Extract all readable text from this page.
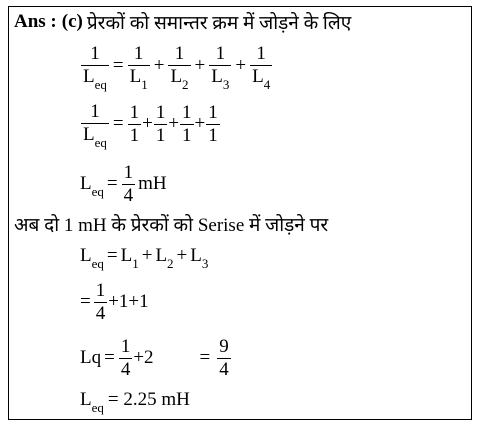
Ans : (c) प्रेरकों को समान्तर क्रम में जोड़ने के लिए
$\frac{1}{L_{eq}} = \frac{1}{L_1} + \frac{1}{L_2} + \frac{1}{L_3} + \frac{1}{L_4}$
$\frac{1}{L_{eq}} = \frac{1}{1} + \frac{1}{1} + \frac{1}{1} + \frac{1}{1}$
$L_{eq} = \frac{1}{4}$ mH
अब दो 1 mH के प्रेरकों को Serise में जोड़ने पर
$L_{eq} = L_1 + L_2 + L_3$
= $\frac{1}{4} +1+1$
$Lq = \frac{1}{4} +2 = \frac{9}{4}$
$L_{eq} = 2.25$ mH
